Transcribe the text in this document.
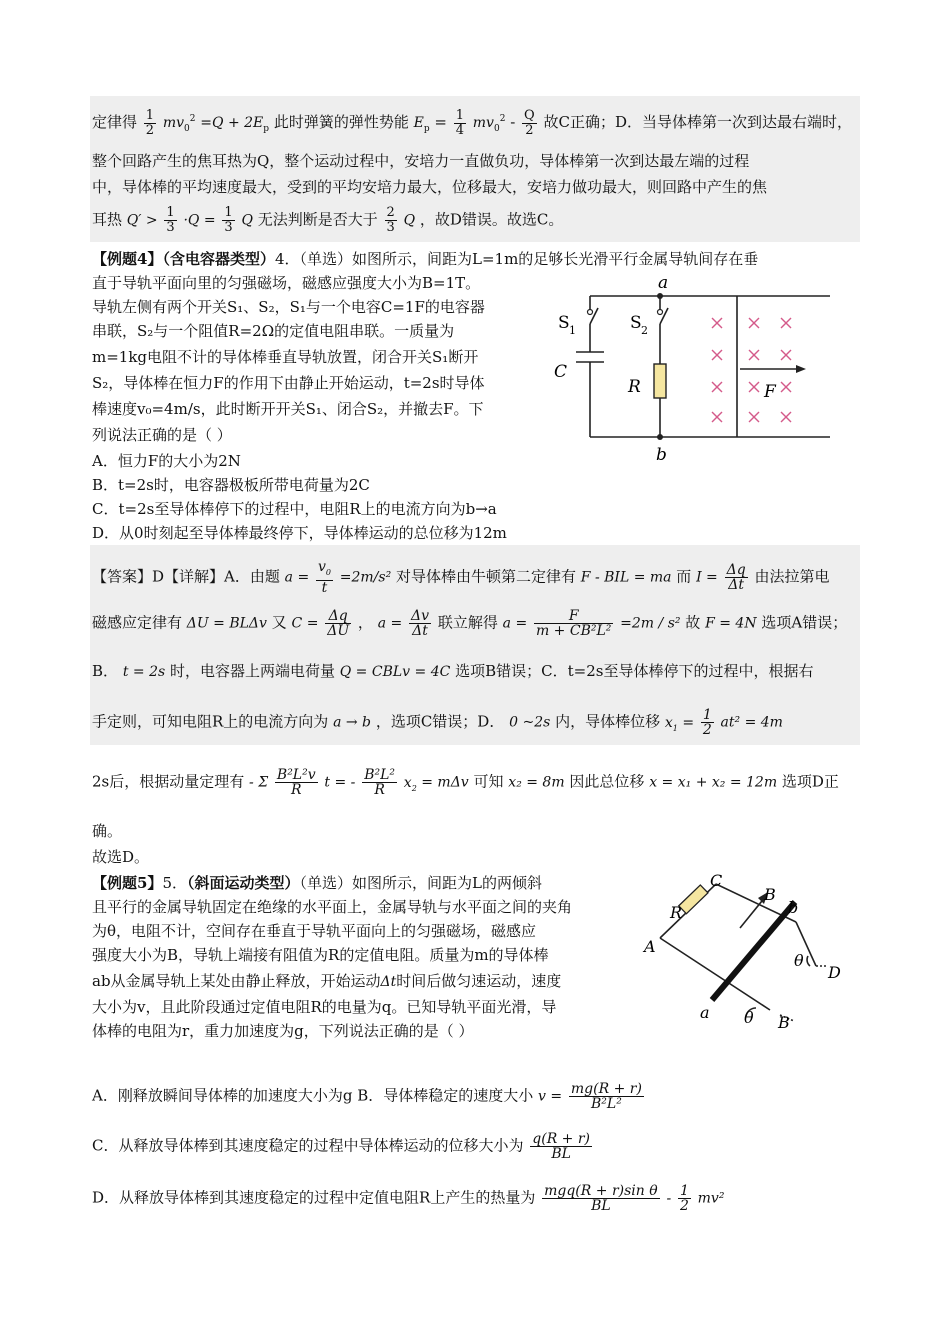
定律得 $\frac{1}{2} mv_0^2 =Q + 2E_p$ 此时弹簧的弹性势能 $E_p = \frac{1}{4} mv_0^2 - \frac{Q}{2}$ 故C正确；D．当导体棒第一次到达最右端时，
整个回路产生的焦耳热为Q，整个运动过程中，安培力一直做负功，导体棒第一次到达最左端的过程
中，导体棒的平均速度最大，受到的平均安培力最大，位移最大，安培力做功最大，则回路中产生的焦
耳热 $Q' > \frac{1}{3} \cdot Q = \frac{1}{3}$ Q 无法判断是否大于 $\frac{2}{3}$ Q ，故D错误。故选C。
【例题4】（含电容器类型）4．（单选）如图所示，间距为L=1m的足够长光滑平行金属导轨间存在垂
直于导轨平面向里的匀强磁场，磁感应强度大小为B=1T。
导轨左侧有两个开关S₁、S₂，S₁与一个电容C=1F的电容器
串联，S₂与一个阻值R=2Ω的定值电阻串联。一质量为
m=1kg电阻不计的导体棒垂直导轨放置，闭合开关S₁断开
S₂，导体棒在恒力F的作用下由静止开始运动，t=2s时导体
棒速度v₀=4m/s，此时断开开关S₁、闭合S₂，并撤去F。下
列说法正确的是（ ）
A．恒力F的大小为2N
B．t=2s时，电容器极板所带电荷量为2C
C．t=2s至导体棒停下的过程中，电阻R上的电流方向为b→a
D．从0时刻起至导体棒最终停下，导体棒运动的总位移为12m
a
b
S 1	S 2
C
R	F
【答案】D【详解】A．由题 $a = \frac{v_0}{t} =2m/s^2$ 对导体棒由牛顿第二定律有 F - BIL = ma 而 $I = \frac{\Delta q}{\Delta t}$ 由法拉第电
磁感应定律有 ΔU = BLΔv 又 $C = \frac{\Delta q}{\Delta U}$ ， $a = \frac{\Delta v}{\Delta t}$ 联立解得 $a = \frac{F}{\text{m + CB²L²}} =2m / s^2$ 故 F = 4N 选项A错误；
B． t = 2s 时，电容器上两端电荷量 Q = CBLv = 4C 选项B错误；C．t=2s至导体棒停下的过程中，根据右
手定则，可知电阻R上的电流方向为 a → b ，选项C错误；D． 0 ~2s 内，导体棒位移 $x_1 = \frac{1}{2} at^2 = 4m$
2s后，根据动量定理有 - Σ $\frac{\text{B²L²v}}{R}$ t = - $\frac{\text{B²L²}}{R} x_2 = m\Delta v$ 可知 x₂ = 8m 因此总位移 x = x₁ + x₂ = 12m 选项D正
确。
故选D。
【例题5】5．（斜面运动类型）（单选）如图所示，间距为L的两倾斜
且平行的金属导轨固定在绝缘的水平面上，金属导轨与水平面之间的夹角
为θ，电阻不计，空间存在垂直于导轨平面向上的匀强磁场，磁感应
强度大小为B，导轨上端接有阻值为R的定值电阻。质量为m的导体棒
ab从金属导轨上某处由静止释放，开始运动Δt时间后做匀速运动，速度
大小为v，且此阶段通过定值电阻R的电量为q。已知导轨平面光滑，导
体棒的电阻为r，重力加速度为g，下列说法正确的是（ ）
C
B
b
R
A
θ
D
a θ B
A．刚释放瞬间导体棒的加速度大小为g B．导体棒稳定的速度大小 $v = \frac{mg(R + r)}{\text{B²L²}}$
C．从释放导体棒到其速度稳定的过程中导体棒运动的位移大小为 $\frac{q(R + r)}{BL}$
D．从释放导体棒到其速度稳定的过程中定值电阻R上产生的热量为 $\frac{\text{mgq(R + r)sin θ}}{BL} - \frac{1}{2} mv^2$
